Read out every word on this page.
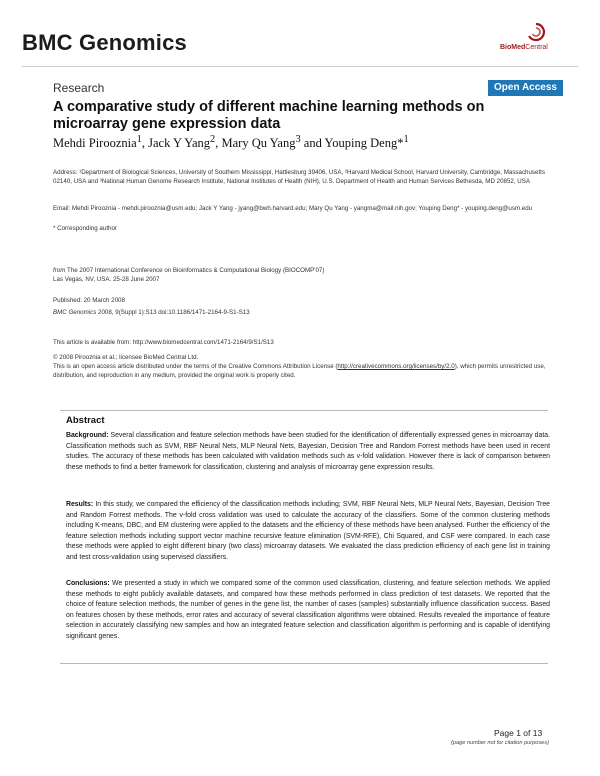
BMC Genomics	BioMedCentral
Research	Open Access
A comparative study of different machine learning methods on microarray gene expression data
Mehdi Pirooznia$^1$, Jack Y Yang$^2$, Mary Qu Yang$^3$ and Youping Deng*$^1$
Address: ¹Department of Biological Sciences, University of Southern Mississippi, Hattiesburg 39406, USA, ²Harvard Medical School, Harvard University, Cambridge, Massachusetts 02140, USA and ³National Human Genome Research Institute, National Institutes of Health (NIH), U.S. Department of Health and Human Services Bethesda, MD 20852, USA
Email: Mehdi Pirooznia - mehdi.pirooznia@usm.edu; Jack Y Yang - jyang@bwh.harvard.edu; Mary Qu Yang - yangma@mail.nih.gov; Youping Deng* - youping.deng@usm.edu
* Corresponding author
from The 2007 International Conference on Bioinformatics & Computational Biology (BIOCOMP'07)
Las Vegas, NV, USA. 25-28 June 2007
Published: 20 March 2008
BMC Genomics 2008, 9(Suppl 1):S13 doi:10.1186/1471-2164-9-S1-S13
This article is available from: http://www.biomedcentral.com/1471-2164/9/S1/S13
© 2008 Pirooznia et al.; licensee BioMed Central Ltd.
This is an open access article distributed under the terms of the Creative Commons Attribution License (http://creativecommons.org/licenses/by/2.0), which permits unrestricted use, distribution, and reproduction in any medium, provided the original work is properly cited.
Abstract
Background: Several classification and feature selection methods have been studied for the identification of differentially expressed genes in microarray data. Classification methods such as SVM, RBF Neural Nets, MLP Neural Nets, Bayesian, Decision Tree and Random Forrest methods have been used in recent studies. The accuracy of these methods has been calculated with validation methods such as v-fold validation. However there is lack of comparison between these methods to find a better framework for classification, clustering and analysis of microarray gene expression results.
Results: In this study, we compared the efficiency of the classification methods including; SVM, RBF Neural Nets, MLP Neural Nets, Bayesian, Decision Tree and Random Forrest methods. The v-fold cross validation was used to calculate the accuracy of the classifiers. Some of the common clustering methods including K-means, DBC, and EM clustering were applied to the datasets and the efficiency of these methods have been analysed. Further the efficiency of the feature selection methods including support vector machine recursive feature elimination (SVM-RFE), Chi Squared, and CSF were compared. In each case these methods were applied to eight different binary (two class) microarray datasets. We evaluated the class prediction efficiency of each gene list in training and test cross-validation using supervised classifiers.
Conclusions: We presented a study in which we compared some of the common used classification, clustering, and feature selection methods. We applied these methods to eight publicly available datasets, and compared how these methods performed in class prediction of test datasets. We reported that the choice of feature selection methods, the number of genes in the gene list, the number of cases (samples) substantially influence classification success. Based on features chosen by these methods, error rates and accuracy of several classification algorithms were obtained. Results revealed the importance of feature selection in accurately classifying new samples and how an integrated feature selection and classification algorithm is performing and is capable of identifying significant genes.
Page 1 of 13
(page number not for citation purposes)
